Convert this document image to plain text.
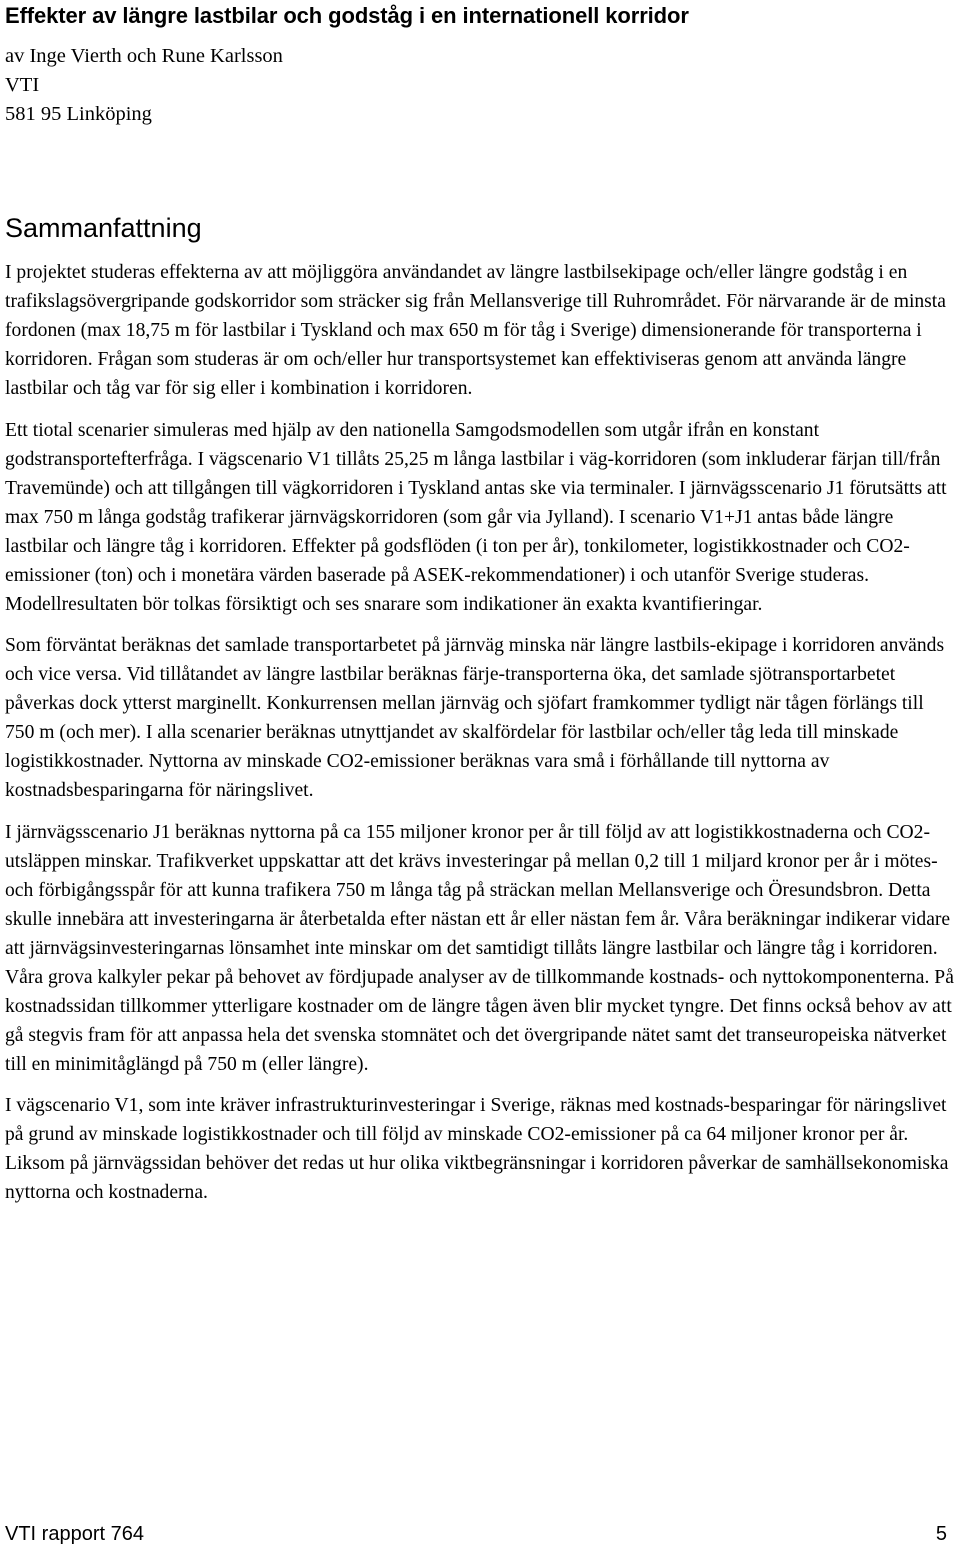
Effekter av längre lastbilar och godståg i en internationell korridor
av Inge Vierth och Rune Karlsson
VTI
581 95 Linköping
Sammanfattning

I projektet studeras effekterna av att möjliggöra användandet av längre lastbilsekipage och/eller längre godståg i en trafikslagsövergripande godskorridor som sträcker sig från Mellansverige till Ruhrområdet. För närvarande är de minsta fordonen (max 18,75 m för lastbilar i Tyskland och max 650 m för tåg i Sverige) dimensionerande för transporterna i korridoren. Frågan som studeras är om och/eller hur transportsystemet kan effektiviseras genom att använda längre lastbilar och tåg var för sig eller i kombination i korridoren.

Ett tiotal scenarier simuleras med hjälp av den nationella Samgodsmodellen som utgår ifrån en konstant godstransportefterfråga. I vägscenario V1 tillåts 25,25 m långa lastbilar i väg-korridoren (som inkluderar färjan till/från Travemünde) och att tillgången till vägkorridoren i Tyskland antas ske via terminaler. I järnvägsscenario J1 förutsätts att max 750 m långa godståg trafikerar järnvägskorridoren (som går via Jylland). I scenario V1+J1 antas både längre lastbilar och längre tåg i korridoren. Effekter på godsflöden (i ton per år), tonkilometer, logistikkostnader och CO2-emissioner (ton) och i monetära värden baserade på ASEK-rekommendationer) i och utanför Sverige studeras. Modellresultaten bör tolkas försiktigt och ses snarare som indikationer än exakta kvantifieringar.

Som förväntat beräknas det samlade transportarbetet på järnväg minska när längre lastbils-ekipage i korridoren används och vice versa. Vid tillåtandet av längre lastbilar beräknas färje-transporterna öka, det samlade sjötransportarbetet påverkas dock ytterst marginellt. Konkurrensen mellan järnväg och sjöfart framkommer tydligt när tågen förlängs till 750 m (och mer). I alla scenarier beräknas utnyttjandet av skalfördelar för lastbilar och/eller tåg leda till minskade logistikkostnader. Nyttorna av minskade CO2-emissioner beräknas vara små i förhållande till nyttorna av kostnadsbesparingarna för näringslivet.

I järnvägsscenario J1 beräknas nyttorna på ca 155 miljoner kronor per år till följd av att logistikkostnaderna och CO2-utsläppen minskar. Trafikverket uppskattar att det krävs investeringar på mellan 0,2 till 1 miljard kronor per år i mötes- och förbigångsspår för att kunna trafikera 750 m långa tåg på sträckan mellan Mellansverige och Öresundsbron. Detta skulle innebära att investeringarna är återbetalda efter nästan ett år eller nästan fem år. Våra beräkningar indikerar vidare att järnvägsinvesteringarnas lönsamhet inte minskar om det samtidigt tillåts längre lastbilar och längre tåg i korridoren. Våra grova kalkyler pekar på behovet av fördjupade analyser av de tillkommande kostnads- och nyttokomponenterna. På kostnadssidan tillkommer ytterligare kostnader om de längre tågen även blir mycket tyngre. Det finns också behov av att gå stegvis fram för att anpassa hela det svenska stomnätet och det övergripande nätet samt det transeuropeiska nätverket till en minimitåglängd på 750 m (eller längre).

I vägscenario V1, som inte kräver infrastrukturinvesteringar i Sverige, räknas med kostnads-besparingar för näringslivet på grund av minskade logistikkostnader och till följd av minskade CO2-emissioner på ca 64 miljoner kronor per år. Liksom på järnvägssidan behöver det redas ut hur olika viktbegränsningar i korridoren påverkar de samhällsekonomiska nyttorna och kostnaderna.

VTI rapport 764	5
